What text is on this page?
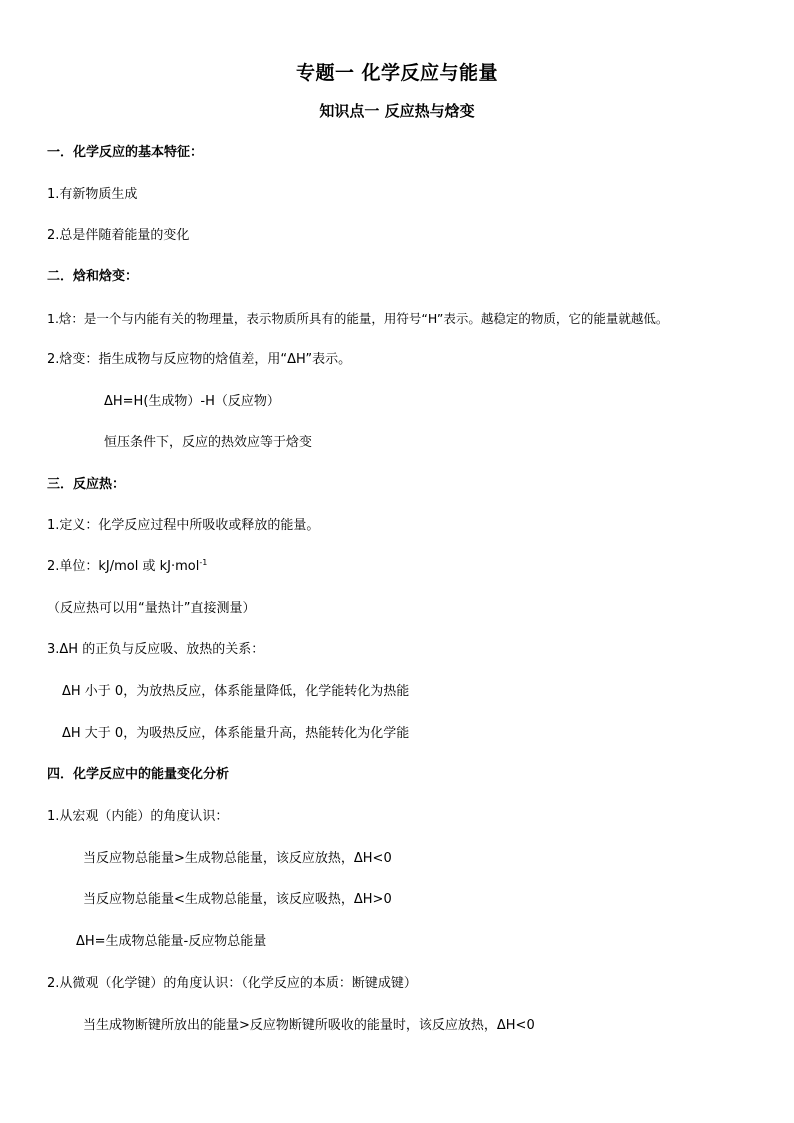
专题一 化学反应与能量
知识点一 反应热与焓变
一．化学反应的基本特征：
1.有新物质生成
2.总是伴随着能量的变化
二．焓和焓变：
1.焓：是一个与内能有关的物理量，表示物质所具有的能量，用符号“H”表示。越稳定的物质，它的能量就越低。
2.焓变：指生成物与反应物的焓值差，用“ΔH”表示。
ΔH=H(生成物）-H（反应物）
恒压条件下，反应的热效应等于焓变
三．反应热：
1.定义：化学反应过程中所吸收或释放的能量。
2.单位：kJ/mol 或 kJ·mol$^{-1}$
（反应热可以用“量热计”直接测量）
3.ΔH 的正负与反应吸、放热的关系：
ΔH 小于 0，为放热反应，体系能量降低，化学能转化为热能
ΔH 大于 0，为吸热反应，体系能量升高，热能转化为化学能
四．化学反应中的能量变化分析
1.从宏观（内能）的角度认识：
当反应物总能量>生成物总能量，该反应放热，ΔH<0
当反应物总能量<生成物总能量，该反应吸热，ΔH>0
ΔH=生成物总能量-反应物总能量
2.从微观（化学键）的角度认识：（化学反应的本质：断键成键）
当生成物断键所放出的能量>反应物断键所吸收的能量时，该反应放热，ΔH<0
